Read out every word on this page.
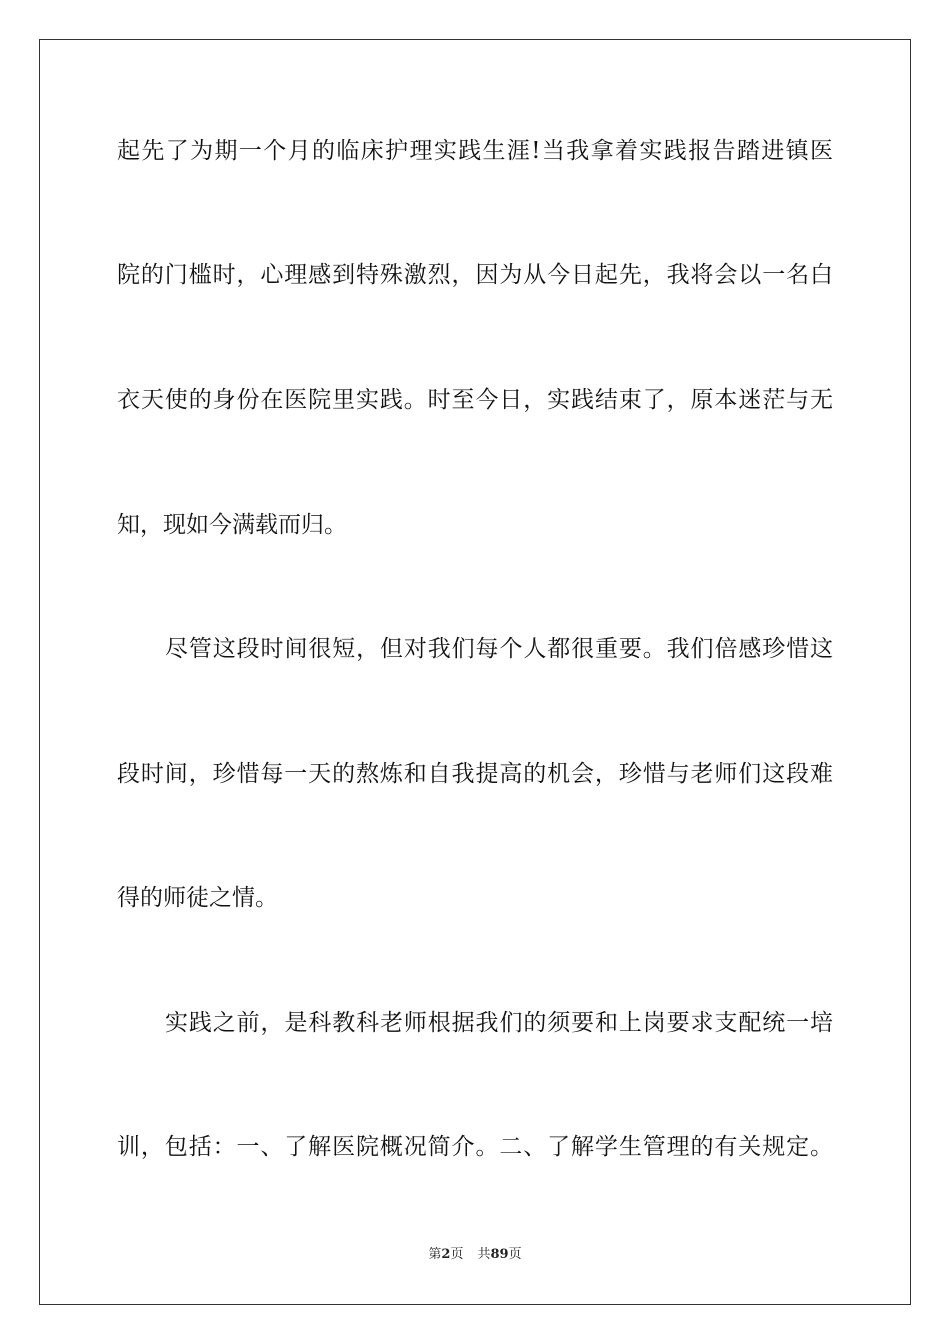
起先了为期一个月的临床护理实践生涯!当我拿着实践报告踏进镇医
院的门槛时，心理感到特殊激烈，因为从今日起先，我将会以一名白
衣天使的身份在医院里实践。时至今日，实践结束了，原本迷茫与无
知，现如今满载而归。
尽管这段时间很短，但对我们每个人都很重要。我们倍感珍惜这
段时间，珍惜每一天的熬炼和自我提高的机会，珍惜与老师们这段难
得的师徒之情。
实践之前，是科教科老师根据我们的须要和上岗要求支配统一培
训，包括：一、了解医院概况简介。二、了解学生管理的有关规定。
第2页 共89页
